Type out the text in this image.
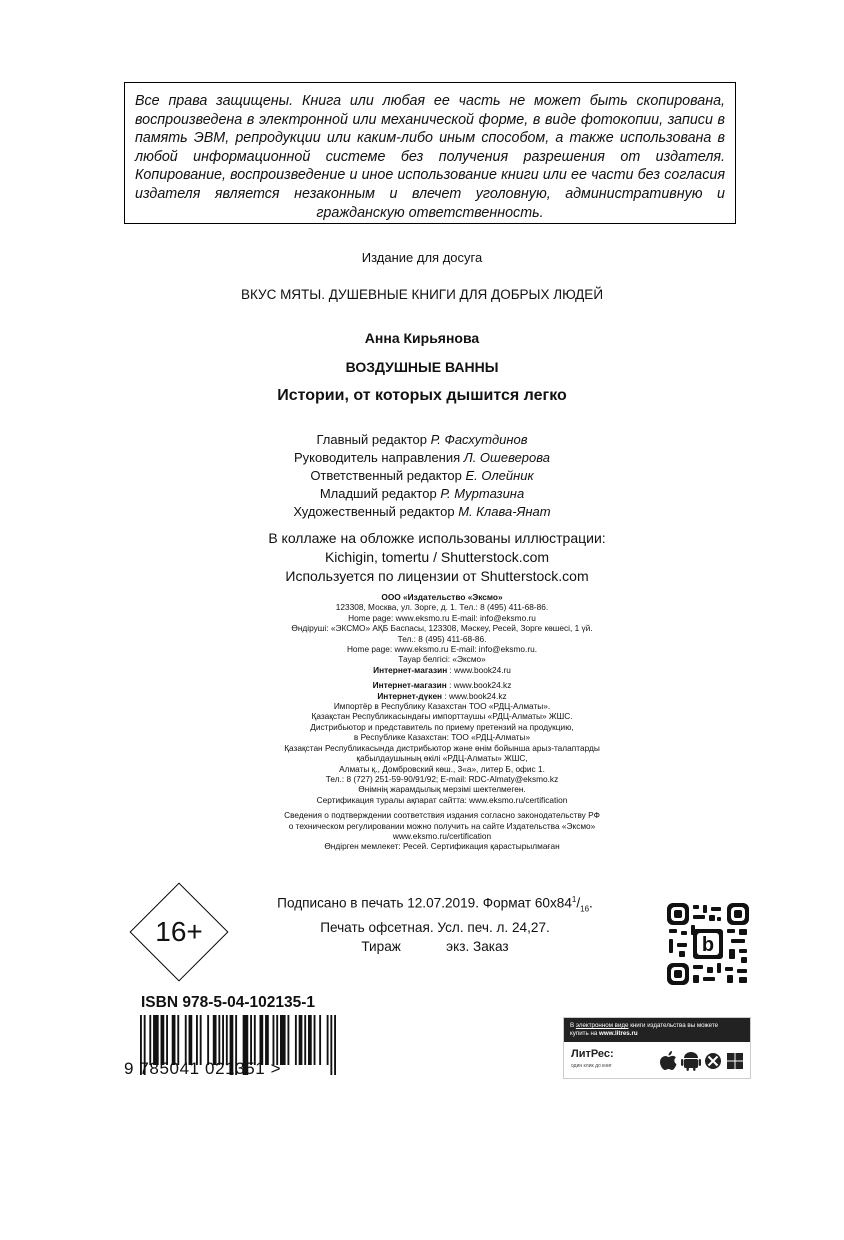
Все права защищены. Книга или любая ее часть не может быть скопирована, воспроизведена в электронной или механической форме, в виде фотокопии, записи в память ЭВМ, репродукции или каким-либо иным способом, а также использована в любой информационной системе без получения разрешения от издателя. Копирование, воспроизведение и иное использование книги или ее части без согласия издателя является незаконным и влечет уголовную, административную и гражданскую ответственность.

Издание для досуга
ВКУС МЯТЫ. ДУШЕВНЫЕ КНИГИ ДЛЯ ДОБРЫХ ЛЮДЕЙ
Анна Кирьянова
ВОЗДУШНЫЕ ВАННЫ
Истории, от которых дышится легко
Главный редактор Р. Фасхутдинов
Руководитель направления Л. Ошеверова
Ответственный редактор Е. Олейник
Младший редактор Р. Муртазина
Художественный редактор М. Клава-Янат
В коллаже на обложке использованы иллюстрации:
Kichigin, tomertu / Shutterstock.com
Используется по лицензии от Shutterstock.com
ООО «Издательство «Эксмо»
123308, Москва, ул. Зорге, д. 1. Тел.: 8 (495) 411-68-86.
Home page: www.eksmo.ru E-mail: info@eksmo.ru
Өндіруші: «ЭКСМО» АҚБ Баспасы, 123308, Мәскеу, Ресей, Зорге көшесі, 1 үй.
Тел.: 8 (495) 411-68-86.
Home page: www.eksmo.ru E-mail: info@eksmo.ru.
Тауар белгісі: «Эксмо»
Интернет-магазин : www.book24.ru
Интернет-магазин : www.book24.kz
Интернет-дүкен : www.book24.kz
Импортёр в Республику Казахстан ТОО «РДЦ-Алматы».
Қазақстан Республикасындағы импорттаушы «РДЦ-Алматы» ЖШС.
Дистрибьютор и представитель по приему претензий на продукцию,
в Республике Казахстан: ТОО «РДЦ-Алматы»
Қазақстан Республикасында дистрибьютор және өнім бойынша арыз-талаптарды
қабылдаушының өкілі «РДЦ-Алматы» ЖШС,
Алматы қ., Домбровский көш., 3«а», литер Б, офис 1.
Тел.: 8 (727) 251-59-90/91/92; E-mail: RDC-Almaty@eksmo.kz
Өнімнің жарамдылық мерзімі шектелмеген.
Сертификация туралы ақпарат сайтта: www.eksmo.ru/certification
Сведения о подтверждении соответствия издания согласно законодательству РФ
о техническом регулировании можно получить на сайте Издательства «Эксмо»
www.eksmo.ru/certification
Өндірген мемлекет: Ресей. Сертификация қарастырылмаған
16+
Подписано в печать 12.07.2019. Формат $60х84^1/_{16}$.
Печать офсетная. Усл. печ. л. 24,27.
Тираж	экз. Заказ	b
ISBN 978-5-04-102135-1
9 785041 021351 >
В электронном виде книги издательства вы можете
купить на www.litres.ru
ЛитРес:
один клик до книг
